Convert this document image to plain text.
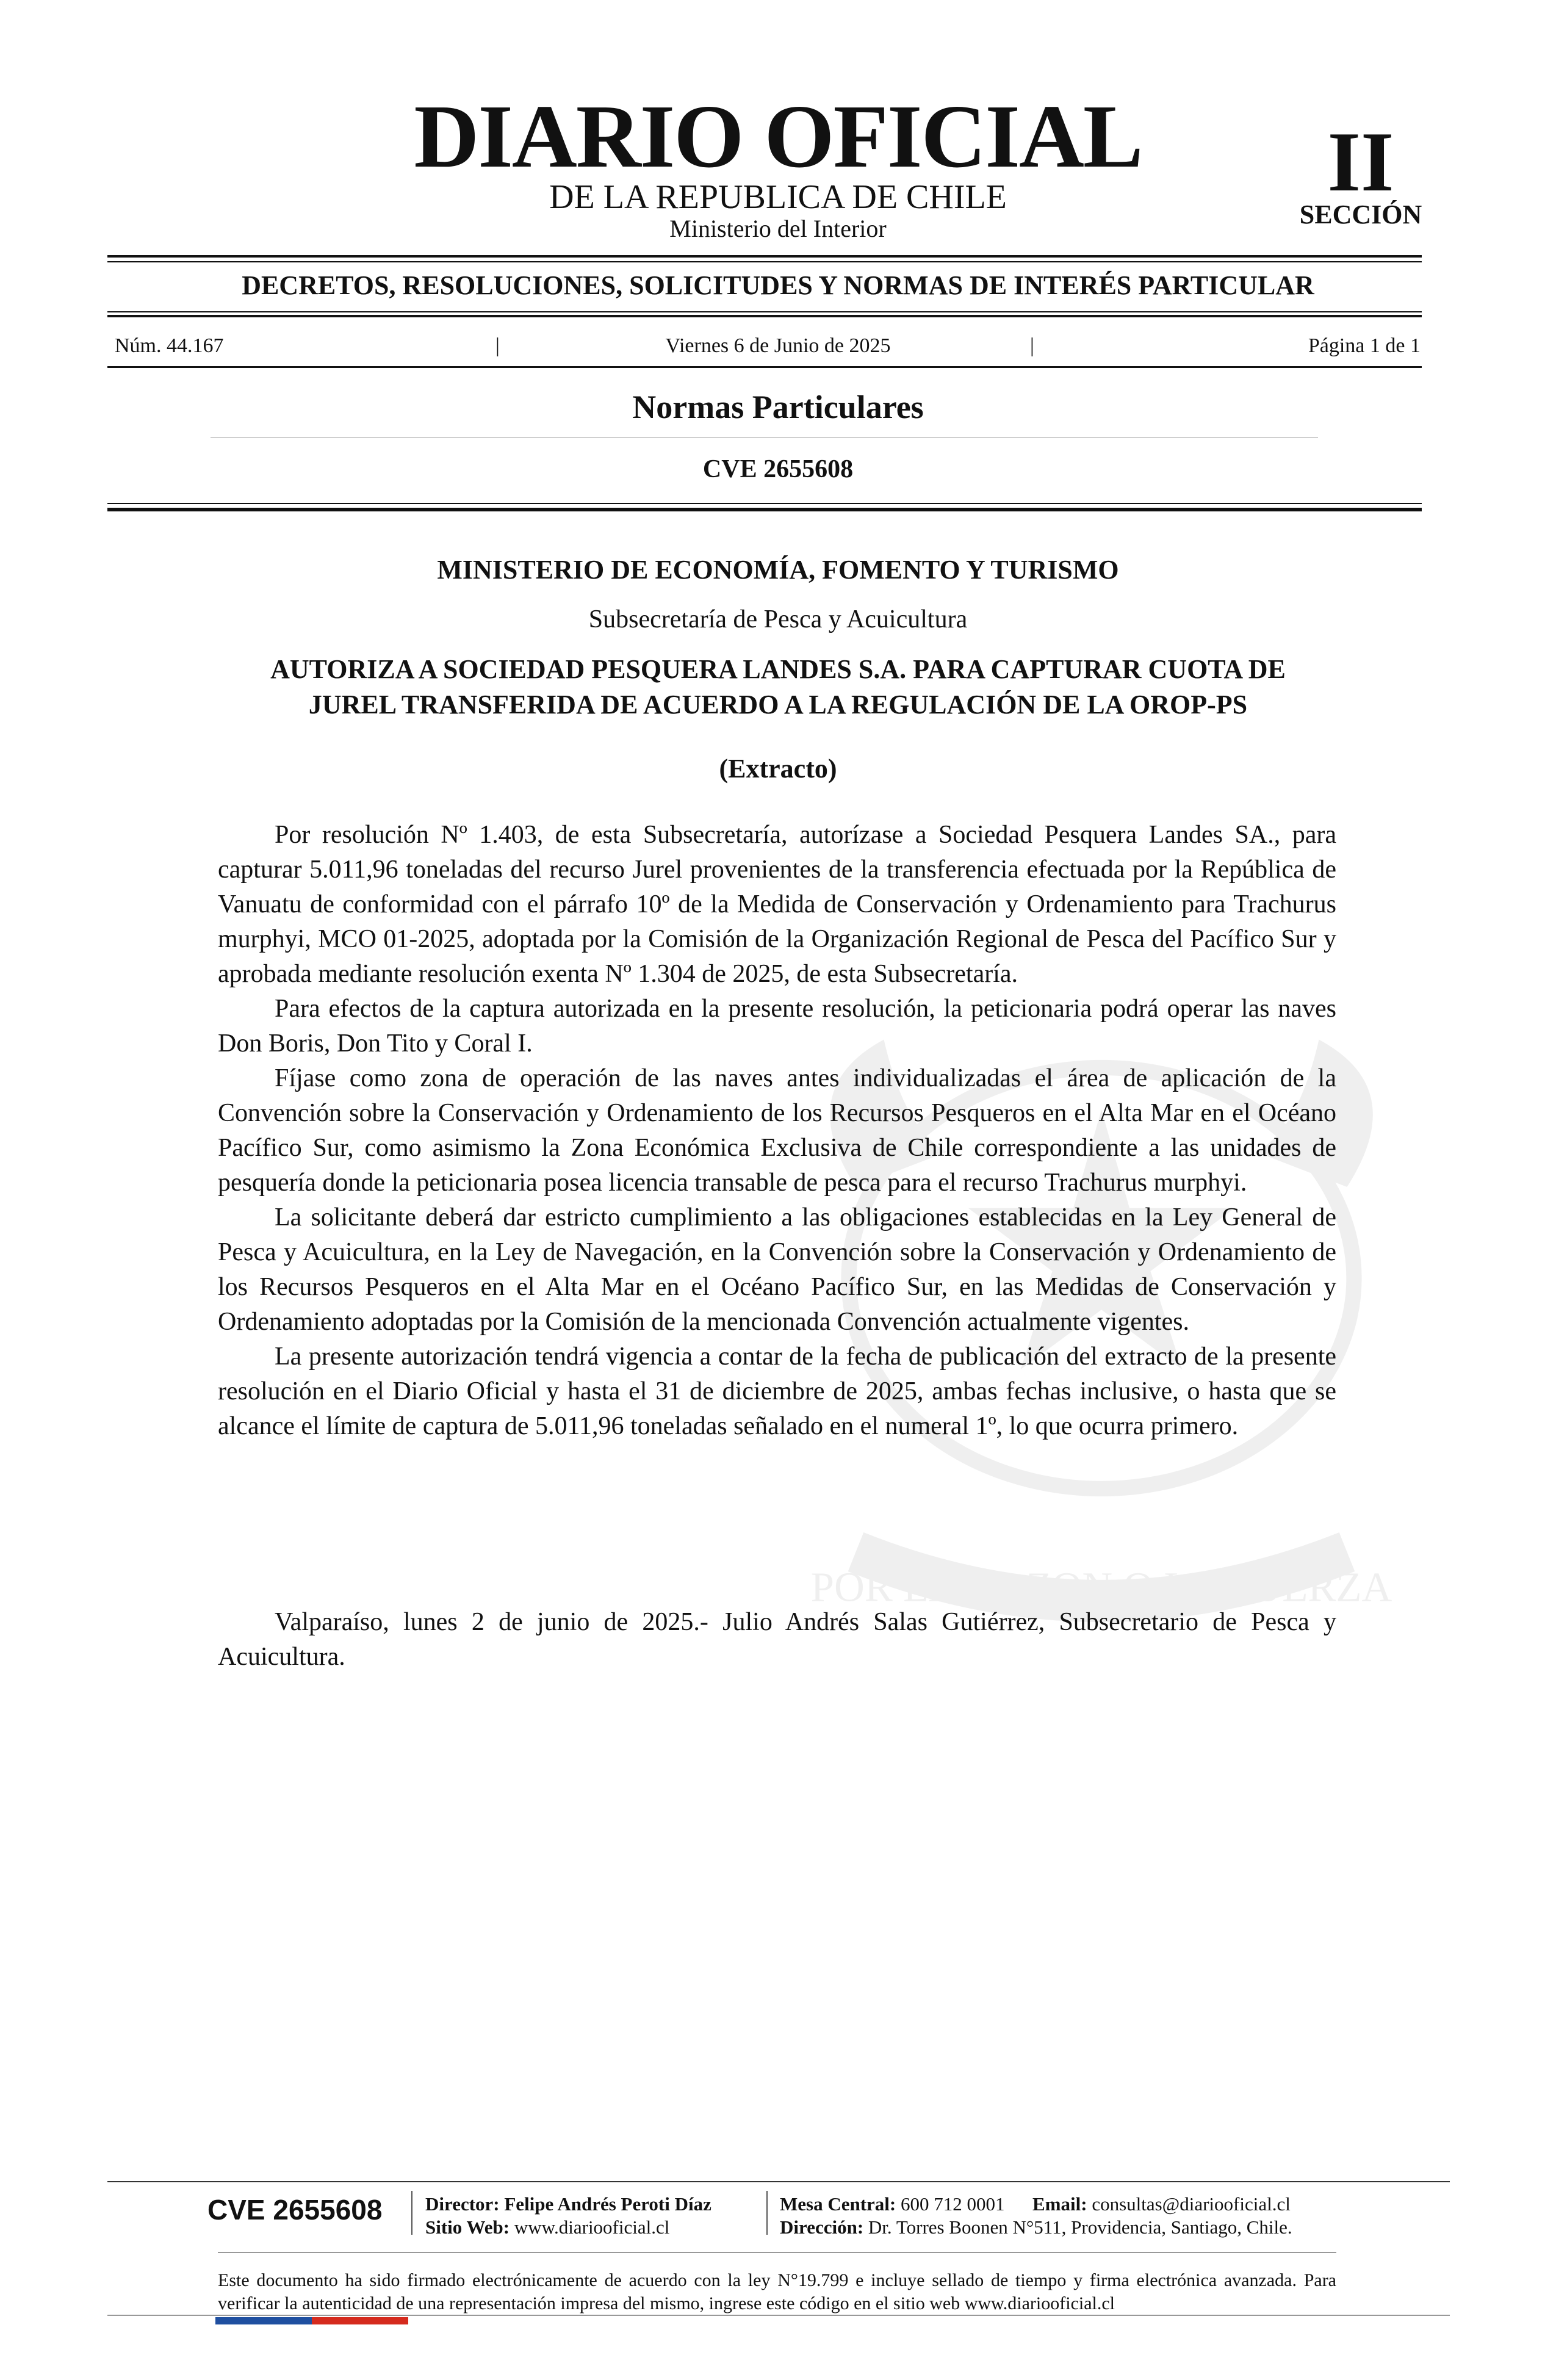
DIARIO OFICIAL
DE LA REPUBLICA DE CHILE
Ministerio del Interior
II
SECCIÓN
DECRETOS, RESOLUCIONES, SOLICITUDES Y NORMAS DE INTERÉS PARTICULAR
Núm. 44.167	|	Viernes 6 de Junio de 2025	|	Página 1 de 1
Normas Particulares
CVE 2655608
POR LA RAZON O LA FUERZA
MINISTERIO DE ECONOMÍA, FOMENTO Y TURISMO
Subsecretaría de Pesca y Acuicultura
AUTORIZA A SOCIEDAD PESQUERA LANDES S.A. PARA CAPTURAR CUOTA DE
JUREL TRANSFERIDA DE ACUERDO A LA REGULACIÓN DE LA OROP-PS
(Extracto)

Por resolución Nº 1.403, de esta Subsecretaría, autorízase a Sociedad Pesquera Landes SA., para capturar 5.011,96 toneladas del recurso Jurel provenientes de la transferencia efectuada por la República de Vanuatu de conformidad con el párrafo 10º de la Medida de Conservación y Ordenamiento para Trachurus murphyi, MCO 01-2025, adoptada por la Comisión de la Organización Regional de Pesca del Pacífico Sur y aprobada mediante resolución exenta Nº 1.304 de 2025, de esta Subsecretaría.

Para efectos de la captura autorizada en la presente resolución, la peticionaria podrá operar las naves Don Boris, Don Tito y Coral I.

Fíjase como zona de operación de las naves antes individualizadas el área de aplicación de la Convención sobre la Conservación y Ordenamiento de los Recursos Pesqueros en el Alta Mar en el Océano Pacífico Sur, como asimismo la Zona Económica Exclusiva de Chile correspondiente a las unidades de pesquería donde la peticionaria posea licencia transable de pesca para el recurso Trachurus murphyi.

La solicitante deberá dar estricto cumplimiento a las obligaciones establecidas en la Ley General de Pesca y Acuicultura, en la Ley de Navegación, en la Convención sobre la Conservación y Ordenamiento de los Recursos Pesqueros en el Alta Mar en el Océano Pacífico Sur, en las Medidas de Conservación y Ordenamiento adoptadas por la Comisión de la mencionada Convención actualmente vigentes.

La presente autorización tendrá vigencia a contar de la fecha de publicación del extracto de la presente resolución en el Diario Oficial y hasta el 31 de diciembre de 2025, ambas fechas inclusive, o hasta que se alcance el límite de captura de 5.011,96 toneladas señalado en el numeral 1º, lo que ocurra primero.

Valparaíso, lunes 2 de junio de 2025.- Julio Andrés Salas Gutiérrez, Subsecretario de Pesca y Acuicultura.

CVE 2655608 Director: Felipe Andrés Peroti Díaz
Sitio Web: www.diariooficial.cl
Mesa Central: 600 712 0001 Email: consultas@diariooficial.cl
Dirección: Dr. Torres Boonen N°511, Providencia, Santiago, Chile.
Este documento ha sido firmado electrónicamente de acuerdo con la ley N°19.799 e incluye sellado de tiempo y firma electrónica avanzada. Para verificar la autenticidad de una representación impresa del mismo, ingrese este código en el sitio web www.diariooficial.cl
